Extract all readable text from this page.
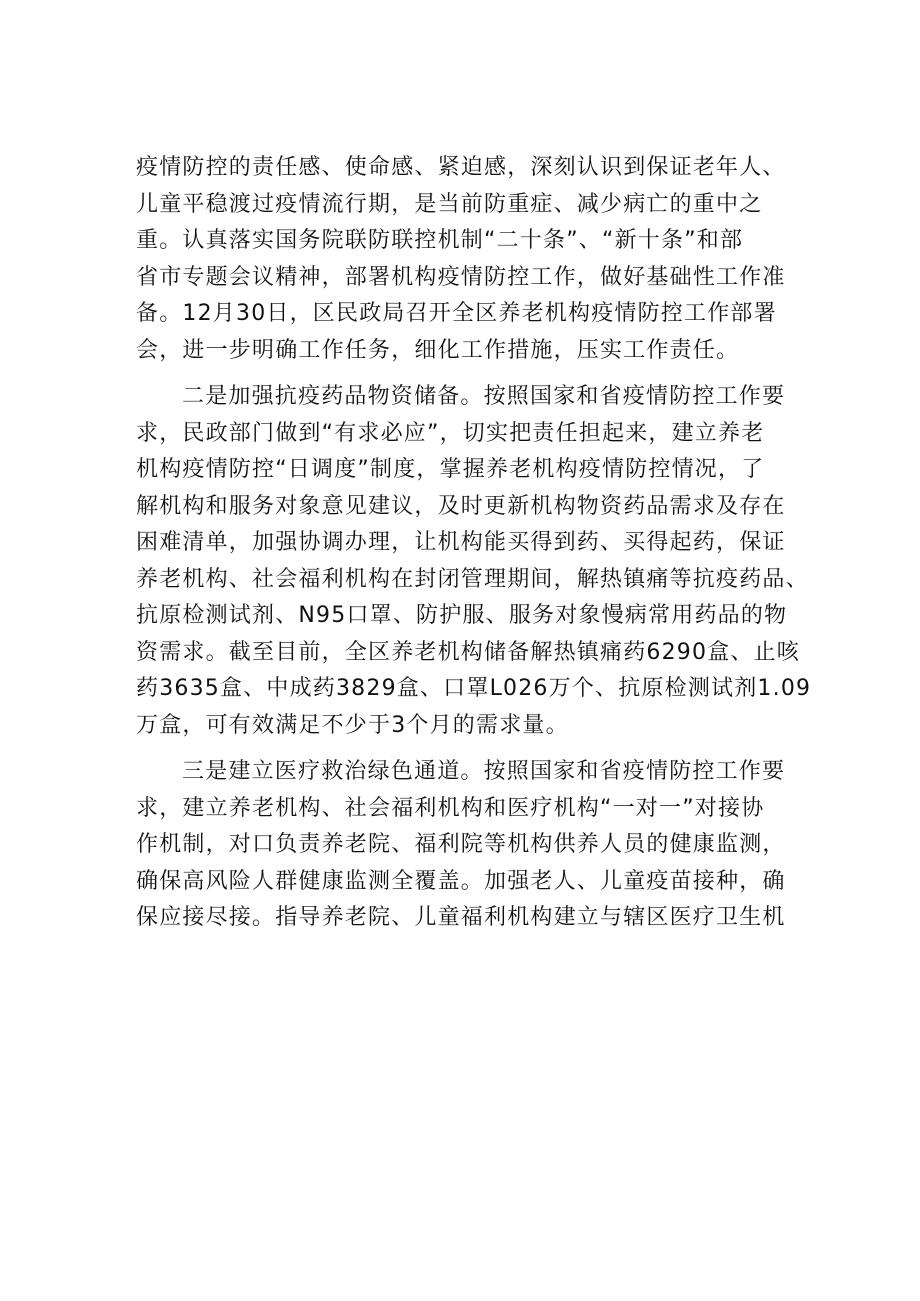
疫情防控的责任感、使命感、紧迫感，深刻认识到保证老年人、
儿童平稳渡过疫情流行期，是当前防重症、减少病亡的重中之
重。认真落实国务院联防联控机制“二十条”、“新十条”和部
省市专题会议精神，部署机构疫情防控工作，做好基础性工作准
备。12月30日，区民政局召开全区养老机构疫情防控工作部署
会，进一步明确工作任务，细化工作措施，压实工作责任。

二是加强抗疫药品物资储备。按照国家和省疫情防控工作要
求，民政部门做到“有求必应”，切实把责任担起来，建立养老
机构疫情防控“日调度”制度，掌握养老机构疫情防控情况，了
解机构和服务对象意见建议，及时更新机构物资药品需求及存在
困难清单，加强协调办理，让机构能买得到药、买得起药，保证
养老机构、社会福利机构在封闭管理期间，解热镇痛等抗疫药品、
抗原检测试剂、N95口罩、防护服、服务对象慢病常用药品的物
资需求。截至目前，全区养老机构储备解热镇痛药6290盒、止咳
药3635盒、中成药3829盒、口罩L026万个、抗原检测试剂1.09
万盒，可有效满足不少于3个月的需求量。

三是建立医疗救治绿色通道。按照国家和省疫情防控工作要
求，建立养老机构、社会福利机构和医疗机构“一对一”对接协
作机制，对口负责养老院、福利院等机构供养人员的健康监测，
确保高风险人群健康监测全覆盖。加强老人、儿童疫苗接种，确
保应接尽接。指导养老院、儿童福利机构建立与辖区医疗卫生机
